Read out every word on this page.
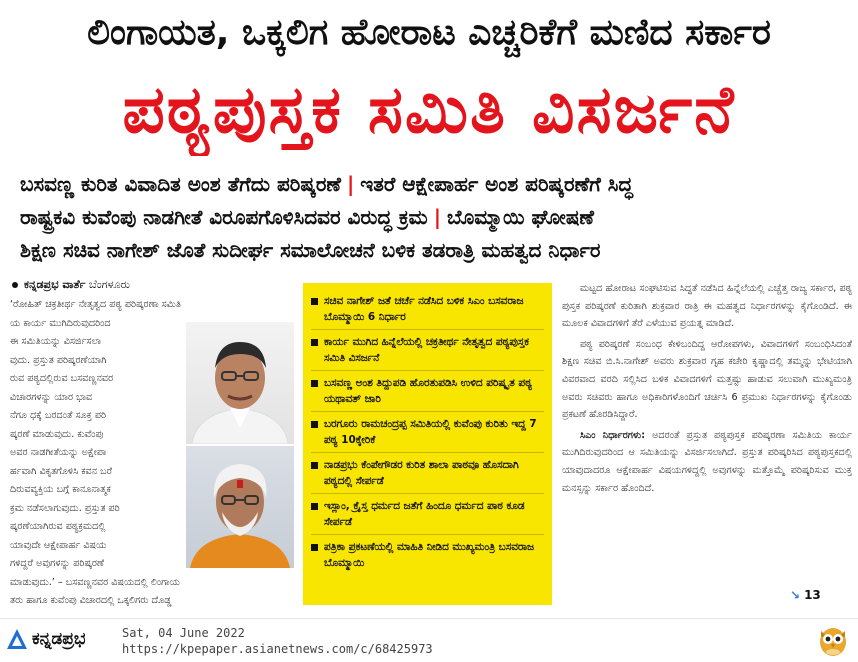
ಲಿಂಗಾಯತ, ಒಕ್ಕಲಿಗ ಹೋರಾಟ ಎಚ್ಚರಿಕೆಗೆ ಮಣಿದ ಸರ್ಕಾರ
ಪಠ್ಯಪುಸ್ತಕ ಸಮಿತಿ ವಿಸರ್ಜನೆ
ಬಸವಣ್ಣ ಕುರಿತ ವಿವಾದಿತ ಅಂಶ ತೆಗೆದು ಪರಿಷ್ಕರಣೆ | ಇತರೆ ಆಕ್ಷೇಪಾರ್ಹ ಅಂಶ ಪರಿಷ್ಕರಣೆಗೆ ಸಿದ್ಧ
ರಾಷ್ಟ್ರಕವಿ ಕುವೆಂಪು ನಾಡಗೀತೆ ವಿರೂಪಗೊಳಿಸಿದವರ ವಿರುದ್ಧ ಕ್ರಮ | ಬೊಮ್ಮಾಯಿ ಘೋಷಣೆ
ಶಿಕ್ಷಣ ಸಚಿವ ನಾಗೇಶ್ ಜೊತೆ ಸುದೀರ್ಘ ಸಮಾಲೋಚನೆ ಬಳಿಕ ತಡರಾತ್ರಿ ಮಹತ್ವದ ನಿರ್ಧಾರ
ಕನ್ನಡಪ್ರಭ ವಾರ್ತೆ ಬೆಂಗಳೂರು
‘ರೋಹಿತ್ ಚಕ್ರತೀರ್ಥ ನೇತೃತ್ವದ ಪಠ್ಯ ಪರಿಷ್ಕರಣಾ ಸಮಿತಿ
ಯ ಕಾರ್ಯ ಮುಗಿದಿರುವುದರಿಂದ
ಈ ಸಮಿತಿಯನ್ನು ವಿಸರ್ಜಿಸಲಾ
ವುದು. ಪ್ರಸ್ತುತ ಪರಿಷ್ಕರಣೆಯಾಗಿ
ರುವ ಪಠ್ಯದಲ್ಲಿರುವ ಬಸವಣ್ಣನವರ
ವಿಚಾರಗಳನ್ನು ಯಾರ ಭಾವ
ನೆಗೂ ಧಕ್ಕೆ ಬರದಂತೆ ಸೂಕ್ತ ಪರಿ
ಷ್ಕರಣೆ ಮಾಡುವುದು. ಕುವೆಂಪು
ಅವರ ನಾಡಗೀತೆಯನ್ನು ಅಕ್ಷೇಪಾ
ರ್ಹವಾಗಿ ವಿಕೃತಗೊಳಿಸಿ ಕವನ ಬರೆ
ದಿರುವವ್ಯಕ್ತಿಯ ಬಗ್ಗೆ ಕಾನೂನಾತ್ಮಕ
ಕ್ರಮ ನಡೆಸಲಾಗುವುದು. ಪ್ರಸ್ತುತ ಪರಿ
ಷ್ಕರಣೆಯಾಗಿರುವ ಪಠ್ಯಕ್ರಮದಲ್ಲಿ
ಯಾವುದೇ ಆಕ್ಷೇಪಾರ್ಹ ವಿಷಯ
ಗಳಿದ್ದರೆ ಅವುಗಳನ್ನು ಪರಿಷ್ಕರಣೆ
ಮಾಡುವುದು.’ – ಬಸವಣ್ಣನವರ ವಿಷಯದಲ್ಲಿ ಲಿಂಗಾಯ
ತರು ಹಾಗೂ ಕುವೆಂಪು ವಿಚಾರದಲ್ಲಿ ಒಕ್ಕಲಿಗರು ದೊಡ್ಡ
ಸಚಿವ ನಾಗೇಶ್ ಜತೆ ಚರ್ಚೆ ನಡೆಸಿದ ಬಳಿಕ ಸಿಎಂ ಬಸವರಾಜ ಬೊಮ್ಮಾಯಿ 6 ನಿರ್ಧಾರ
ಕಾರ್ಯ ಮುಗಿದ ಹಿನ್ನೆಲೆಯಲ್ಲಿ ಚಕ್ರತೀರ್ಥ ನೇತೃತ್ವದ ಪಠ್ಯಪುಸ್ತಕ ಸಮಿತಿ ವಿಸರ್ಜನೆ
ಬಸವಣ್ಣ ಅಂಶ ತಿದ್ದುಪಡಿ ಹೊರತುಪಡಿಸಿ ಉಳಿದ ಪರಿಷ್ಕೃತ ಪಠ್ಯ ಯಥಾವತ್ ಜಾರಿ
ಬರಗೂರು ರಾಮಚಂದ್ರಪ್ಪ ಸಮಿತಿಯಲ್ಲಿ ಕುವೆಂಪು ಕುರಿತು ಇದ್ದ 7 ಪಠ್ಯ 10ಕ್ಕೇರಿಕೆ
ನಾಡಪ್ರಭು ಕೆಂಪೇಗೌಡರ ಕುರಿತ ಶಾಲಾ ಪಾಠವೂ ಹೊಸದಾಗಿ ಪಠ್ಯದಲ್ಲಿ ಸೇರ್ಪಡೆ
ಇಸ್ಲಾಂ, ಕ್ರೈಸ್ತ ಧರ್ಮದ ಜತೆಗೆ ಹಿಂದೂ ಧರ್ಮದ ಪಾಠ ಕೂಡ ಸೇರ್ಪಡೆ
ಪತ್ರಿಕಾ ಪ್ರಕಟಣೆಯಲ್ಲಿ ಮಾಹಿತಿ ನೀಡಿದ ಮುಖ್ಯಮಂತ್ರಿ ಬಸವರಾಜ ಬೊಮ್ಮಾಯಿ

ಮಟ್ಟದ ಹೋರಾಟ ಸಂಘಟಿಸುವ ಸಿದ್ಧತೆ ನಡೆಸಿದ ಹಿನ್ನೆಲೆಯಲ್ಲಿ ಎಚ್ಚೆತ್ತ ರಾಜ್ಯ ಸರ್ಕಾರ, ಪಠ್ಯ ಪುಸ್ತಕ ಪರಿಷ್ಕರಣೆ ಕುರಿತಾಗಿ ಶುಕ್ರವಾರ ರಾತ್ರಿ ಈ ಮಹತ್ವದ ನಿರ್ಧಾರಗಳನ್ನು ಕೈಗೊಂಡಿದೆ. ಈ ಮೂಲಕ ವಿವಾದಗಳಿಗೆ ತೆರೆ ಎಳೆಯುವ ಪ್ರಯತ್ನ ಮಾಡಿದೆ.

ಪಠ್ಯ ಪರಿಷ್ಕರಣೆ ಸಂಬಂಧ ಕೇಳಿಬಂದಿದ್ದ ಆರೋಪಗಳು, ವಿವಾದಗಳಿಗೆ ಸಂಬಂಧಿಸಿದಂತೆ ಶಿಕ್ಷಣ ಸಚಿವ ಬಿ.ಸಿ.ನಾಗೇಶ್ ಅವರು ಶುಕ್ರವಾರ ಗೃಹ ಕಚೇರಿ ಕೃಷ್ಣಾದಲ್ಲಿ ತಮ್ಮನ್ನು ಭೇಟಿಯಾಗಿ ವಿವರವಾದ ವರದಿ ಸಲ್ಲಿಸಿದ ಬಳಿಕ ವಿವಾದಗಳಿಗೆ ಮತ್ತಷ್ಟು ಹಾಡುವ ಸಲುವಾಗಿ ಮುಖ್ಯಮಂತ್ರಿ ಅವರು ಸಚಿವರು ಹಾಗೂ ಅಧಿಕಾರಿಗಳೊಂದಿಗೆ ಚರ್ಚಿಸಿ 6 ಪ್ರಮುಖ ನಿರ್ಧಾರಗಳನ್ನು ಕೈಗೊಂಡು ಪ್ರಕಟಣೆ ಹೊರಡಿಸಿದ್ದಾರೆ.

ಸಿಎಂ ನಿರ್ಧಾರಗಳು: ಅದರಂತೆ ಪ್ರಸ್ತುತ ಪಠ್ಯಪುಸ್ತಕ ಪರಿಷ್ಕರಣಾ ಸಮಿತಿಯ ಕಾರ್ಯ ಮುಗಿದಿರುವುದರಿಂದ ಆ ಸಮಿತಿಯನ್ನು ವಿಸರ್ಜಿಸಲಾಗಿದೆ. ಪ್ರಸ್ತುತ ಪರಿಷ್ಕರಿಸಿದ ಪಠ್ಯಪುಸ್ತಕದಲ್ಲಿ ಯಾವುದಾದರೂ ಆಕ್ಷೇಪಾರ್ಹ ವಿಷಯಗಳಿದ್ದಲ್ಲಿ ಅವುಗಳನ್ನು ಮತ್ತೊಮ್ಮೆ ಪರಿಷ್ಕರಿಸುವ ಮುಕ್ತ ಮನಸ್ಸನ್ನು ಸರ್ಕಾರ ಹೊಂದಿದೆ.

↘ 13
ಕನ್ನಡಪ್ರಭ	Sat, 04 June 2022
https://kpepaper.asianetnews.com/c/68425973
